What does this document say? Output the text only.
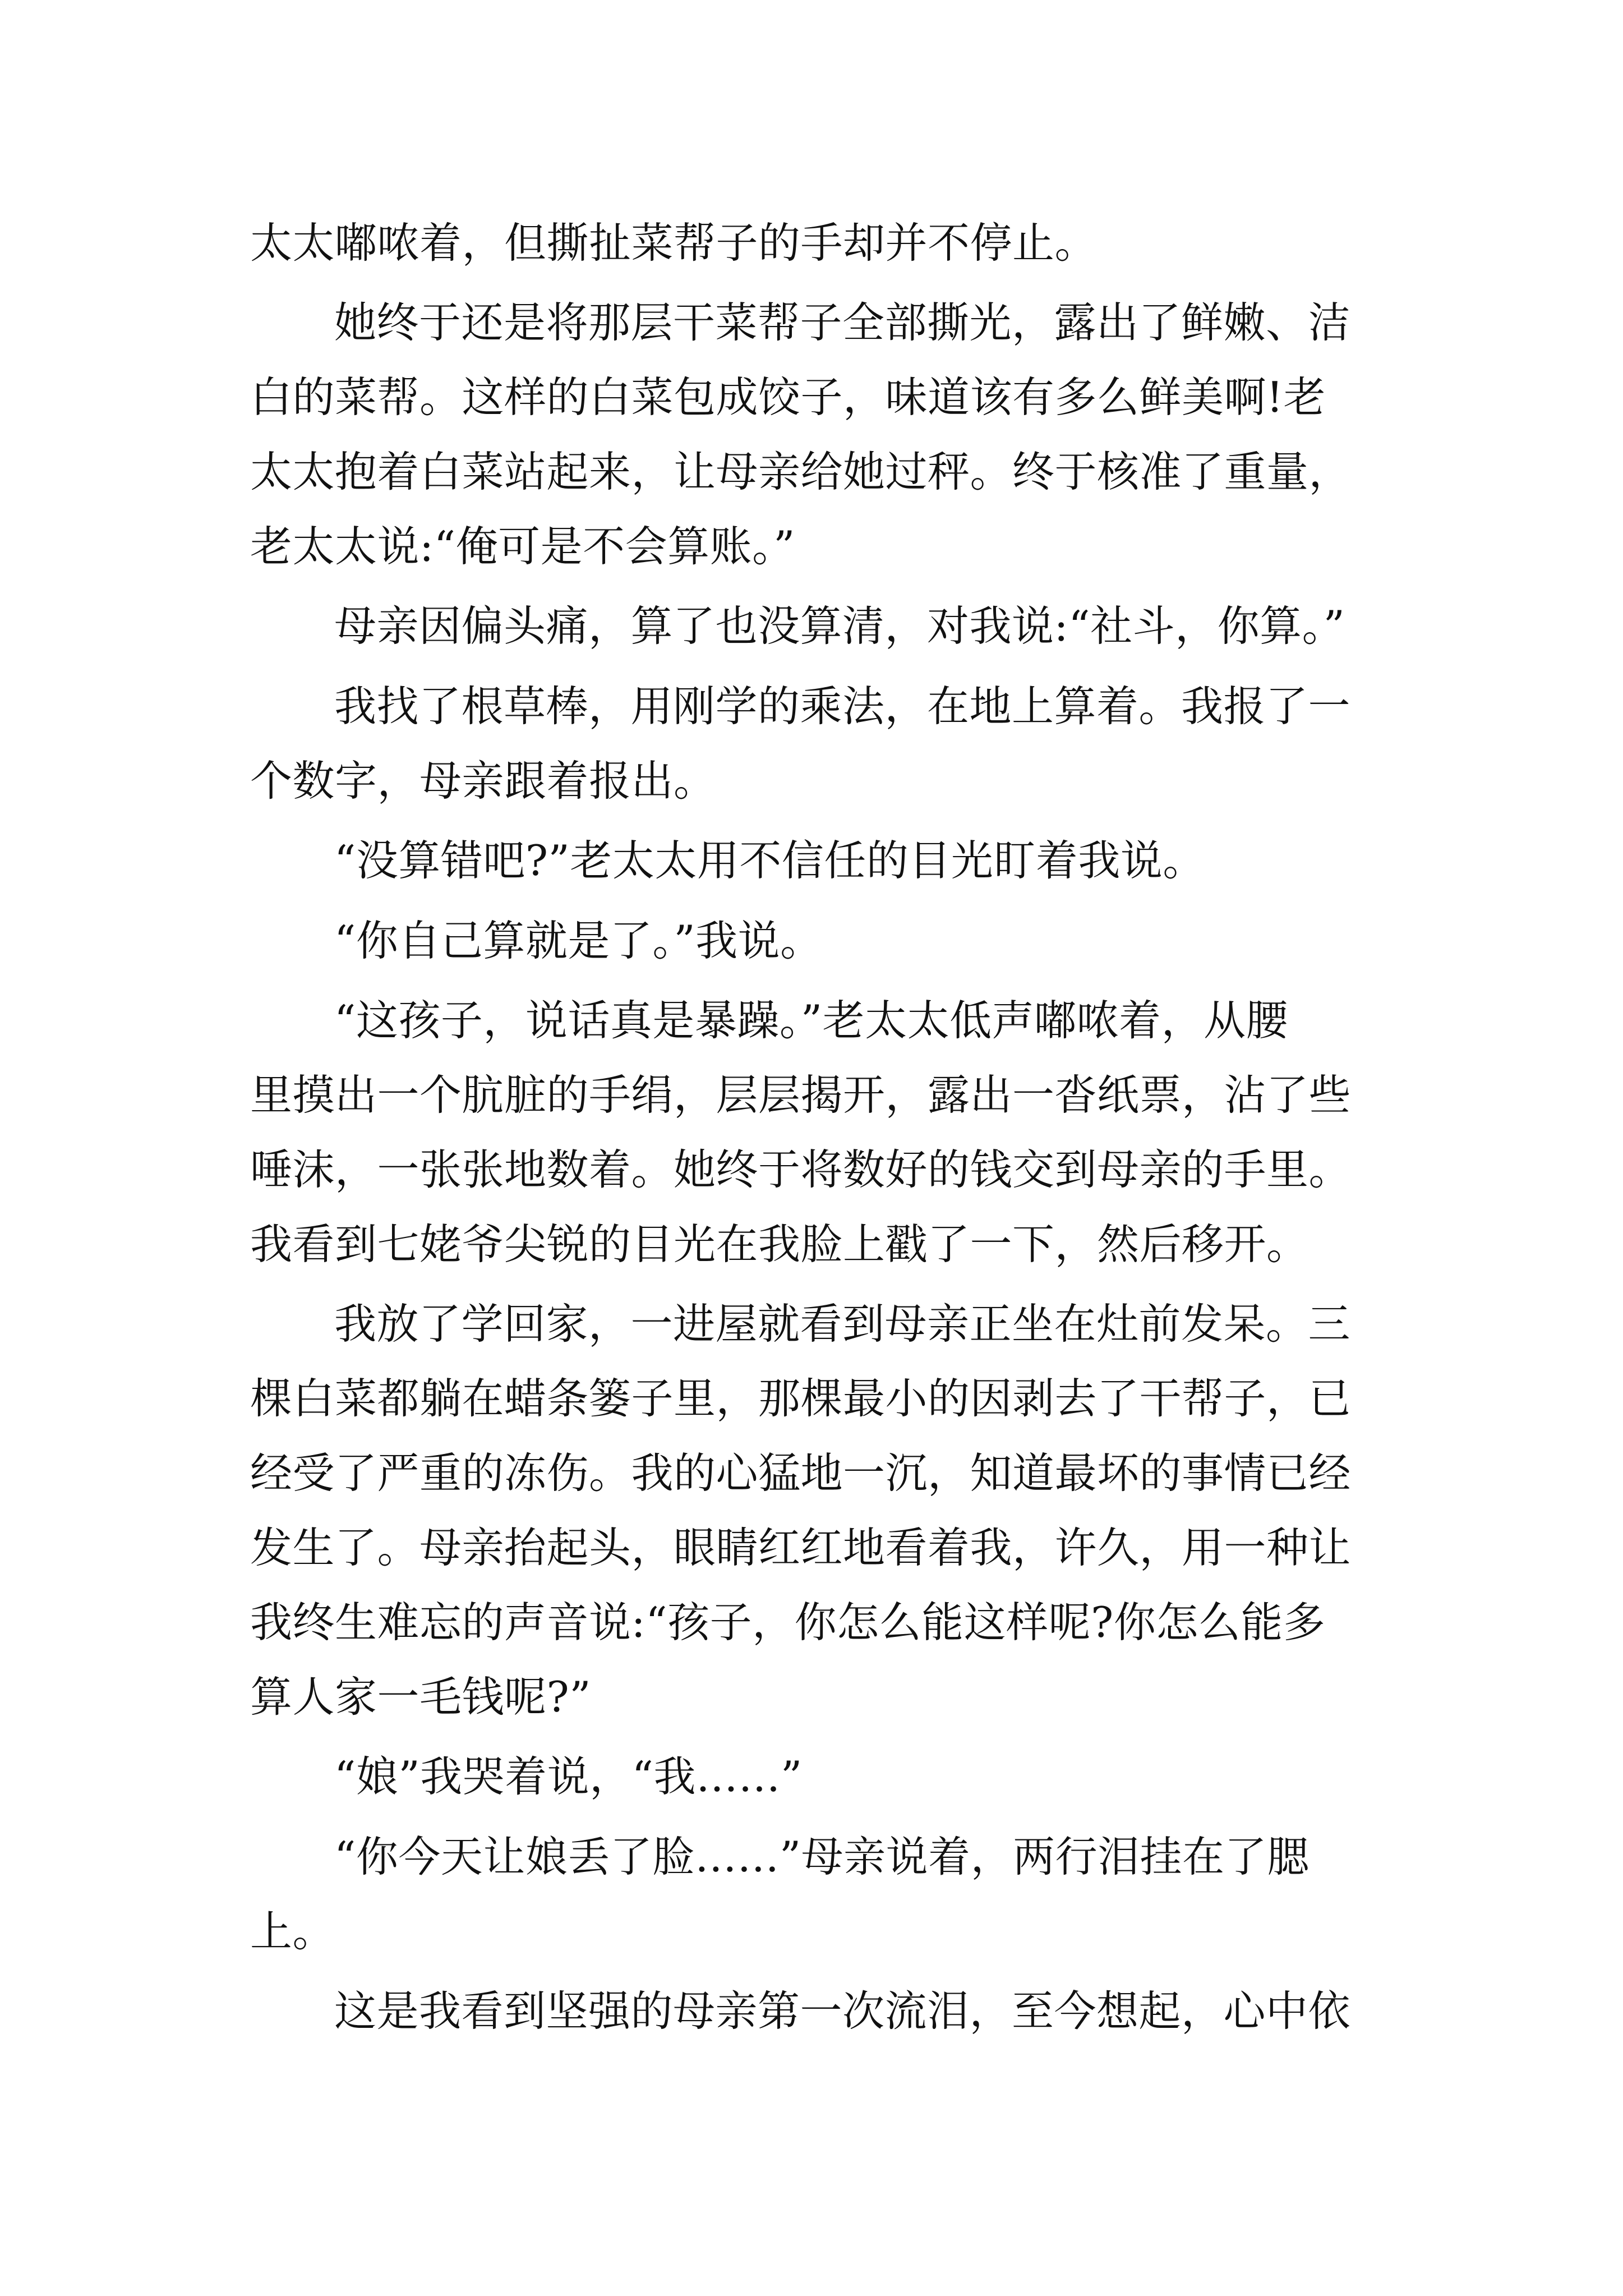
太太嘟哝着，但撕扯菜帮子的手却并不停止。
她终于还是将那层干菜帮子全部撕光，露出了鲜嫩、洁
白的菜帮。这样的白菜包成饺子，味道该有多么鲜美啊!老
太太抱着白菜站起来，让母亲给她过秤。终于核准了重量，
老太太说:“俺可是不会算账。”
母亲因偏头痛，算了也没算清，对我说:“社斗，你算。”
我找了根草棒，用刚学的乘法，在地上算着。我报了一
个数字，母亲跟着报出。
“没算错吧?”老太太用不信任的目光盯着我说。
“你自己算就是了。”我说。
“这孩子，说话真是暴躁。”老太太低声嘟哝着，从腰
里摸出一个肮脏的手绢，层层揭开，露出一沓纸票，沾了些
唾沫，一张张地数着。她终于将数好的钱交到母亲的手里。
我看到七姥爷尖锐的目光在我脸上戳了一下，然后移开。
我放了学回家，一进屋就看到母亲正坐在灶前发呆。三
棵白菜都躺在蜡条篓子里，那棵最小的因剥去了干帮子，已
经受了严重的冻伤。我的心猛地一沉，知道最坏的事情已经
发生了。母亲抬起头，眼睛红红地看着我，许久，用一种让
我终生难忘的声音说:“孩子，你怎么能这样呢?你怎么能多
算人家一毛钱呢?”
“娘”我哭着说，“我……”
“你今天让娘丢了脸……”母亲说着，两行泪挂在了腮
上。
这是我看到坚强的母亲第一次流泪，至今想起，心中依
